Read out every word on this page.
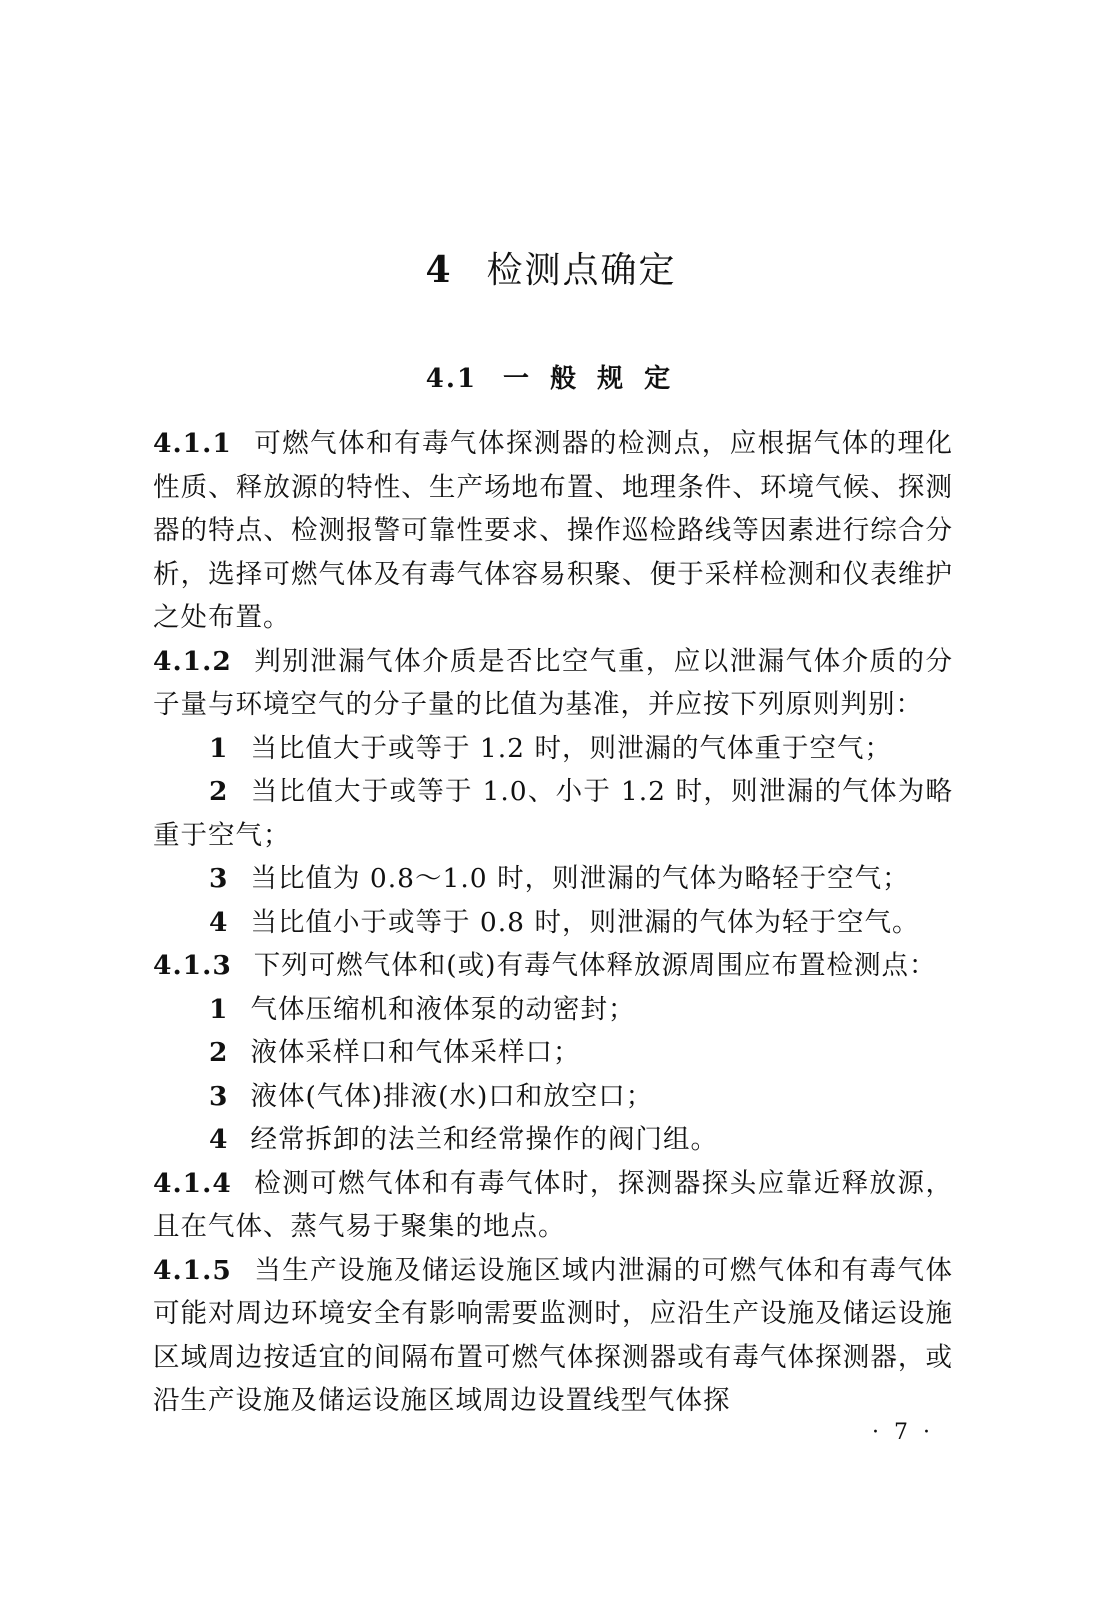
4 检测点确定
4.1 一 般 规 定

4.1.1 可燃气体和有毒气体探测器的检测点，应根据气体的理化性质、释放源的特性、生产场地布置、地理条件、环境气候、探测器的特点、检测报警可靠性要求、操作巡检路线等因素进行综合分析，选择可燃气体及有毒气体容易积聚、便于采样检测和仪表维护之处布置。

4.1.2 判别泄漏气体介质是否比空气重，应以泄漏气体介质的分子量与环境空气的分子量的比值为基准，并应按下列原则判别：

1 当比值大于或等于 1.2 时，则泄漏的气体重于空气；

2 当比值大于或等于 1.0、小于 1.2 时，则泄漏的气体为略重于空气；

3 当比值为 0.8～1.0 时，则泄漏的气体为略轻于空气；

4 当比值小于或等于 0.8 时，则泄漏的气体为轻于空气。

4.1.3 下列可燃气体和(或)有毒气体释放源周围应布置检测点：

1 气体压缩机和液体泵的动密封；

2 液体采样口和气体采样口；

3 液体(气体)排液(水)口和放空口；

4 经常拆卸的法兰和经常操作的阀门组。

4.1.4 检测可燃气体和有毒气体时，探测器探头应靠近释放源，且在气体、蒸气易于聚集的地点。

4.1.5 当生产设施及储运设施区域内泄漏的可燃气体和有毒气体可能对周边环境安全有影响需要监测时，应沿生产设施及储运设施区域周边按适宜的间隔布置可燃气体探测器或有毒气体探测器，或沿生产设施及储运设施区域周边设置线型气体探

· 7 ·
